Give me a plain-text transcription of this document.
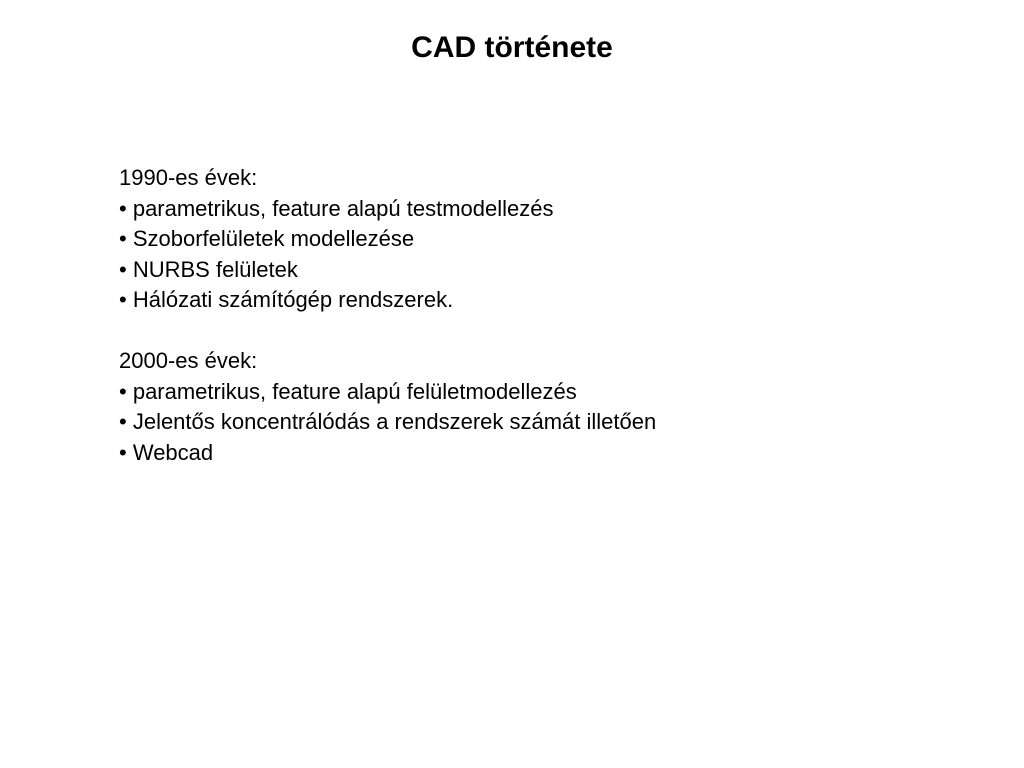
CAD története
1990-es évek:
• parametrikus, feature alapú testmodellezés
• Szoborfelületek modellezése
• NURBS felületek
• Hálózati számítógép rendszerek.
2000-es évek:
• parametrikus, feature alapú felületmodellezés
• Jelentős koncentrálódás a rendszerek számát illetően
• Webcad
